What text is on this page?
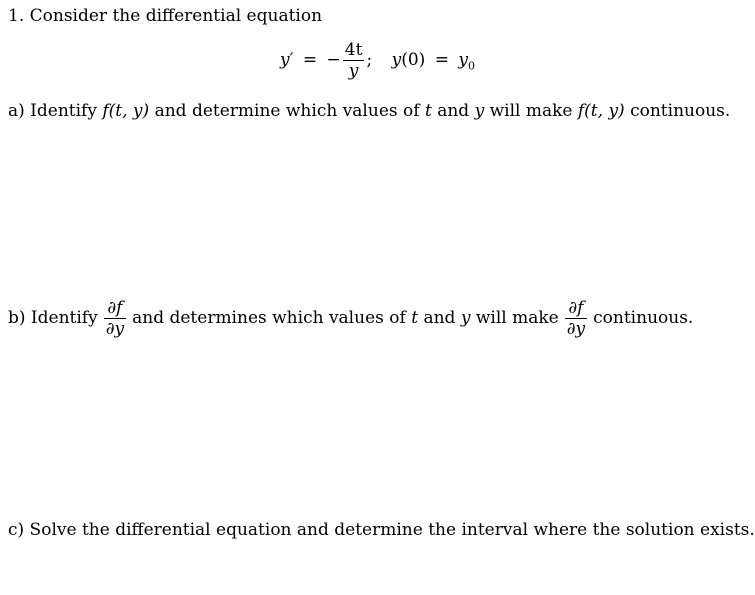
1. Consider the differential equation
y′ = − $\frac{4t}{y}$ ; $y(0) = y_0$
a) Identify f(t, y) and determine which values of t and y will make f(t, y) continuous.
b) Identify $\frac{\partial f}{\partial y}$ and determines which values of t and y will make $\frac{\partial f}{\partial y}$ continuous.
c) Solve the differential equation and determine the interval where the solution exists.
